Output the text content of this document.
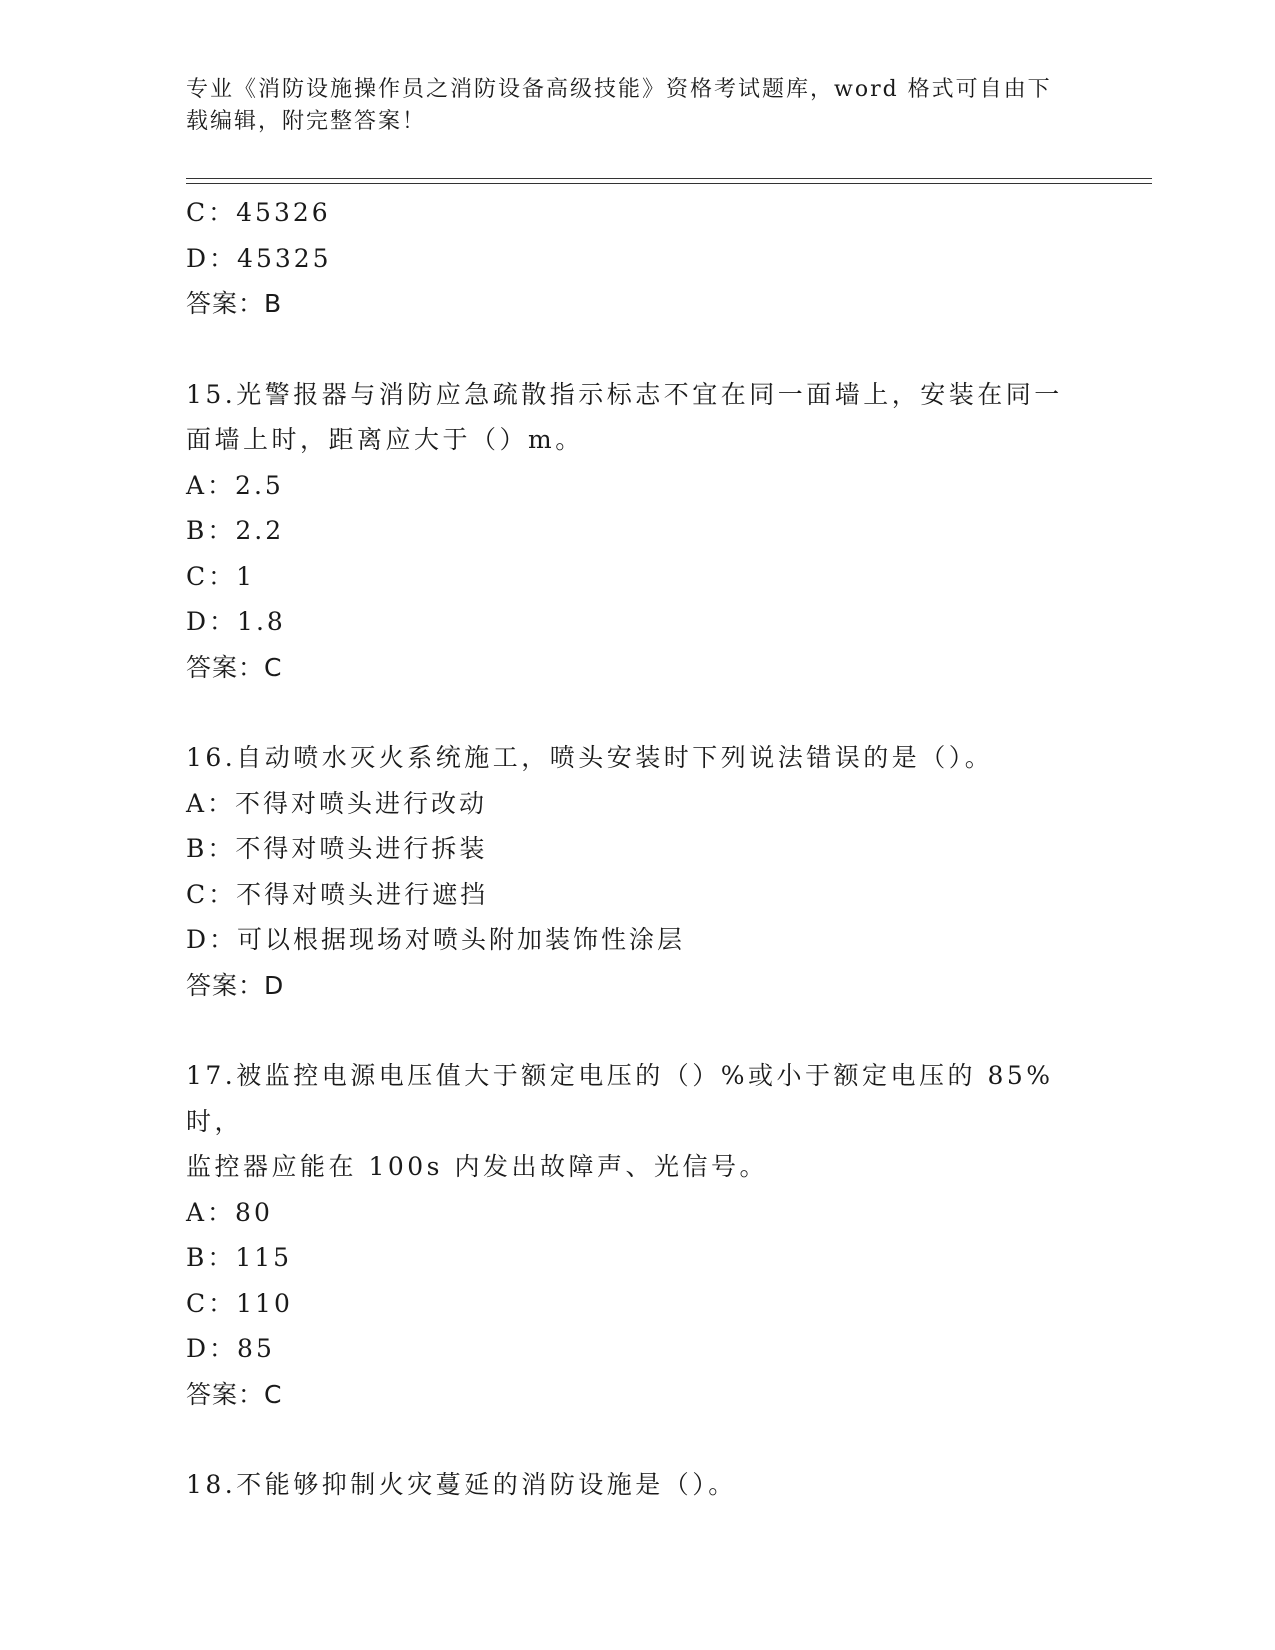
专业《消防设施操作员之消防设备高级技能》资格考试题库，word 格式可自由下
载编辑，附完整答案！
C：45326
D：45325
答案：B
15.光警报器与消防应急疏散指示标志不宜在同一面墙上，安装在同一
面墙上时，距离应大于（）m。
A：2.5
B：2.2
C：1
D：1.8
答案：C
16.自动喷水灭火系统施工，喷头安装时下列说法错误的是（）。
A：不得对喷头进行改动
B：不得对喷头进行拆装
C：不得对喷头进行遮挡
D：可以根据现场对喷头附加装饰性涂层
答案：D
17.被监控电源电压值大于额定电压的（）%或小于额定电压的 85%时，
监控器应能在 100s 内发出故障声、光信号。
A：80
B：115
C：110
D：85
答案：C
18.不能够抑制火灾蔓延的消防设施是（）。
